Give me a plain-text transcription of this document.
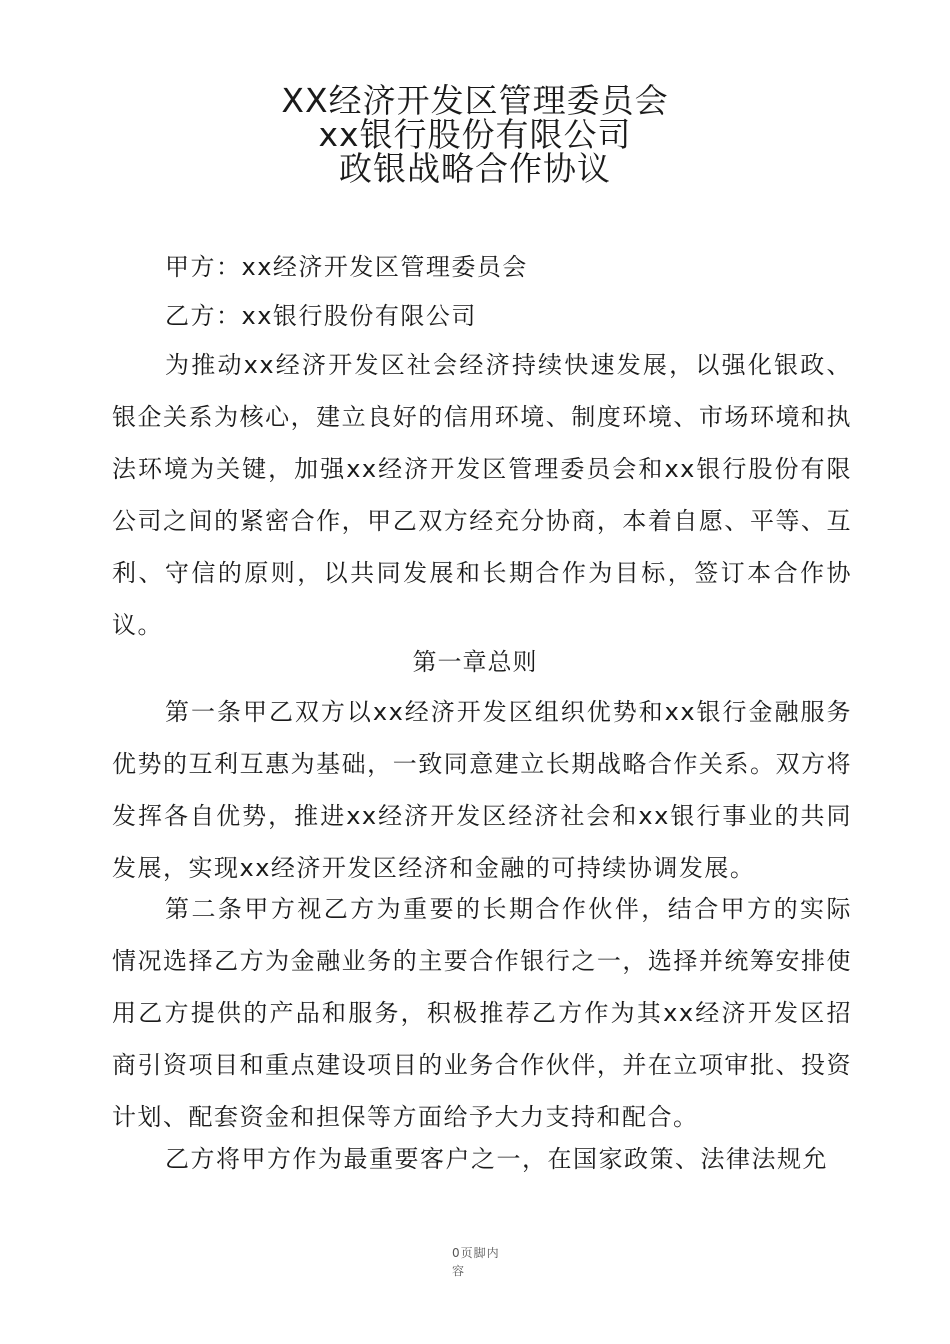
XX经济开发区管理委员会
xx银行股份有限公司
政银战略合作协议
甲方：xx经济开发区管理委员会
乙方：xx银行股份有限公司

为推动xx经济开发区社会经济持续快速发展，以强化银政、银企关系为核心，建立良好的信用环境、制度环境、市场环境和执法环境为关键，加强xx经济开发区管理委员会和xx银行股份有限公司之间的紧密合作，甲乙双方经充分协商，本着自愿、平等、互利、守信的原则，以共同发展和长期合作为目标，签订本合作协议。

第一章总则

第一条甲乙双方以xx经济开发区组织优势和xx银行金融服务优势的互利互惠为基础，一致同意建立长期战略合作关系。双方将发挥各自优势，推进xx经济开发区经济社会和xx银行事业的共同发展，实现xx经济开发区经济和金融的可持续协调发展。

第二条甲方视乙方为重要的长期合作伙伴，结合甲方的实际情况选择乙方为金融业务的主要合作银行之一，选择并统筹安排使用乙方提供的产品和服务，积极推荐乙方作为其xx经济开发区招商引资项目和重点建设项目的业务合作伙伴，并在立项审批、投资计划、配套资金和担保等方面给予大力支持和配合。

乙方将甲方作为最重要客户之一，在国家政策、法律法规允

0页脚内容
